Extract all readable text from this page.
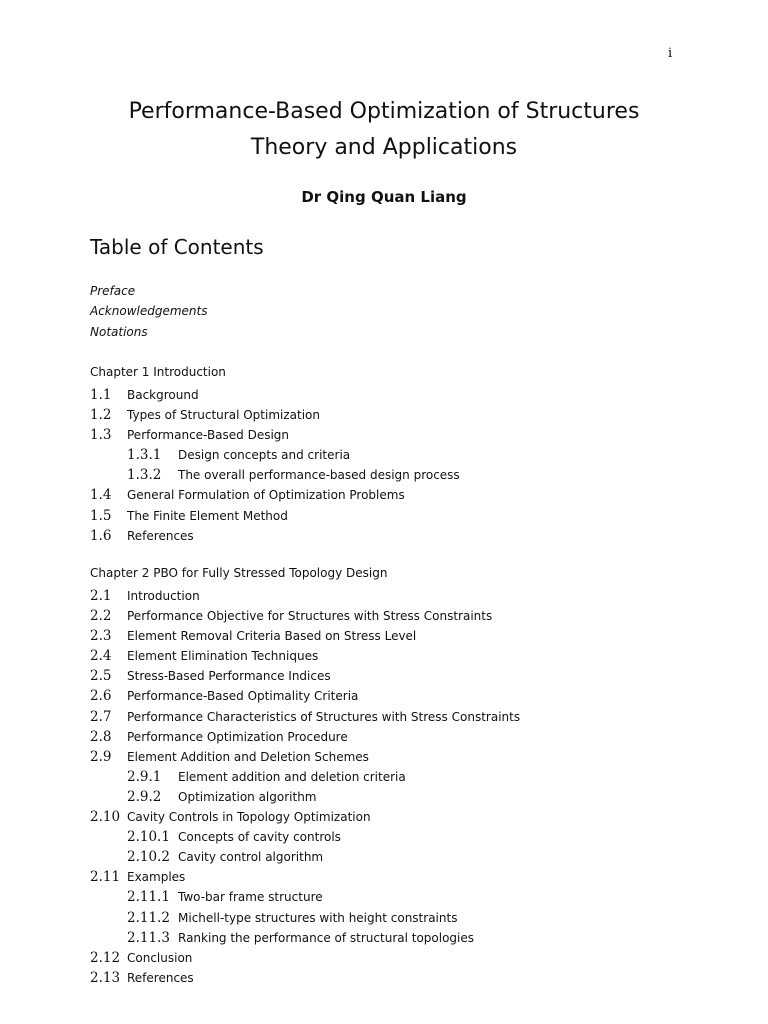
i
Performance-Based Optimization of Structures
Theory and Applications
Dr Qing Quan Liang
Table of Contents
Preface
Acknowledgements
Notations
Chapter 1 Introduction
1.1 Background
1.2 Types of Structural Optimization
1.3 Performance-Based Design
1.3.1 Design concepts and criteria
1.3.2 The overall performance-based design process
1.4 General Formulation of Optimization Problems
1.5 The Finite Element Method
1.6 References
Chapter 2 PBO for Fully Stressed Topology Design
2.1 Introduction
2.2 Performance Objective for Structures with Stress Constraints
2.3 Element Removal Criteria Based on Stress Level
2.4 Element Elimination Techniques
2.5 Stress-Based Performance Indices
2.6 Performance-Based Optimality Criteria
2.7 Performance Characteristics of Structures with Stress Constraints
2.8 Performance Optimization Procedure
2.9 Element Addition and Deletion Schemes
2.9.1 Element addition and deletion criteria
2.9.2 Optimization algorithm
2.10 Cavity Controls in Topology Optimization
2.10.1 Concepts of cavity controls
2.10.2 Cavity control algorithm
2.11 Examples
2.11.1 Two-bar frame structure
2.11.2 Michell-type structures with height constraints
2.11.3 Ranking the performance of structural topologies
2.12 Conclusion
2.13 References
